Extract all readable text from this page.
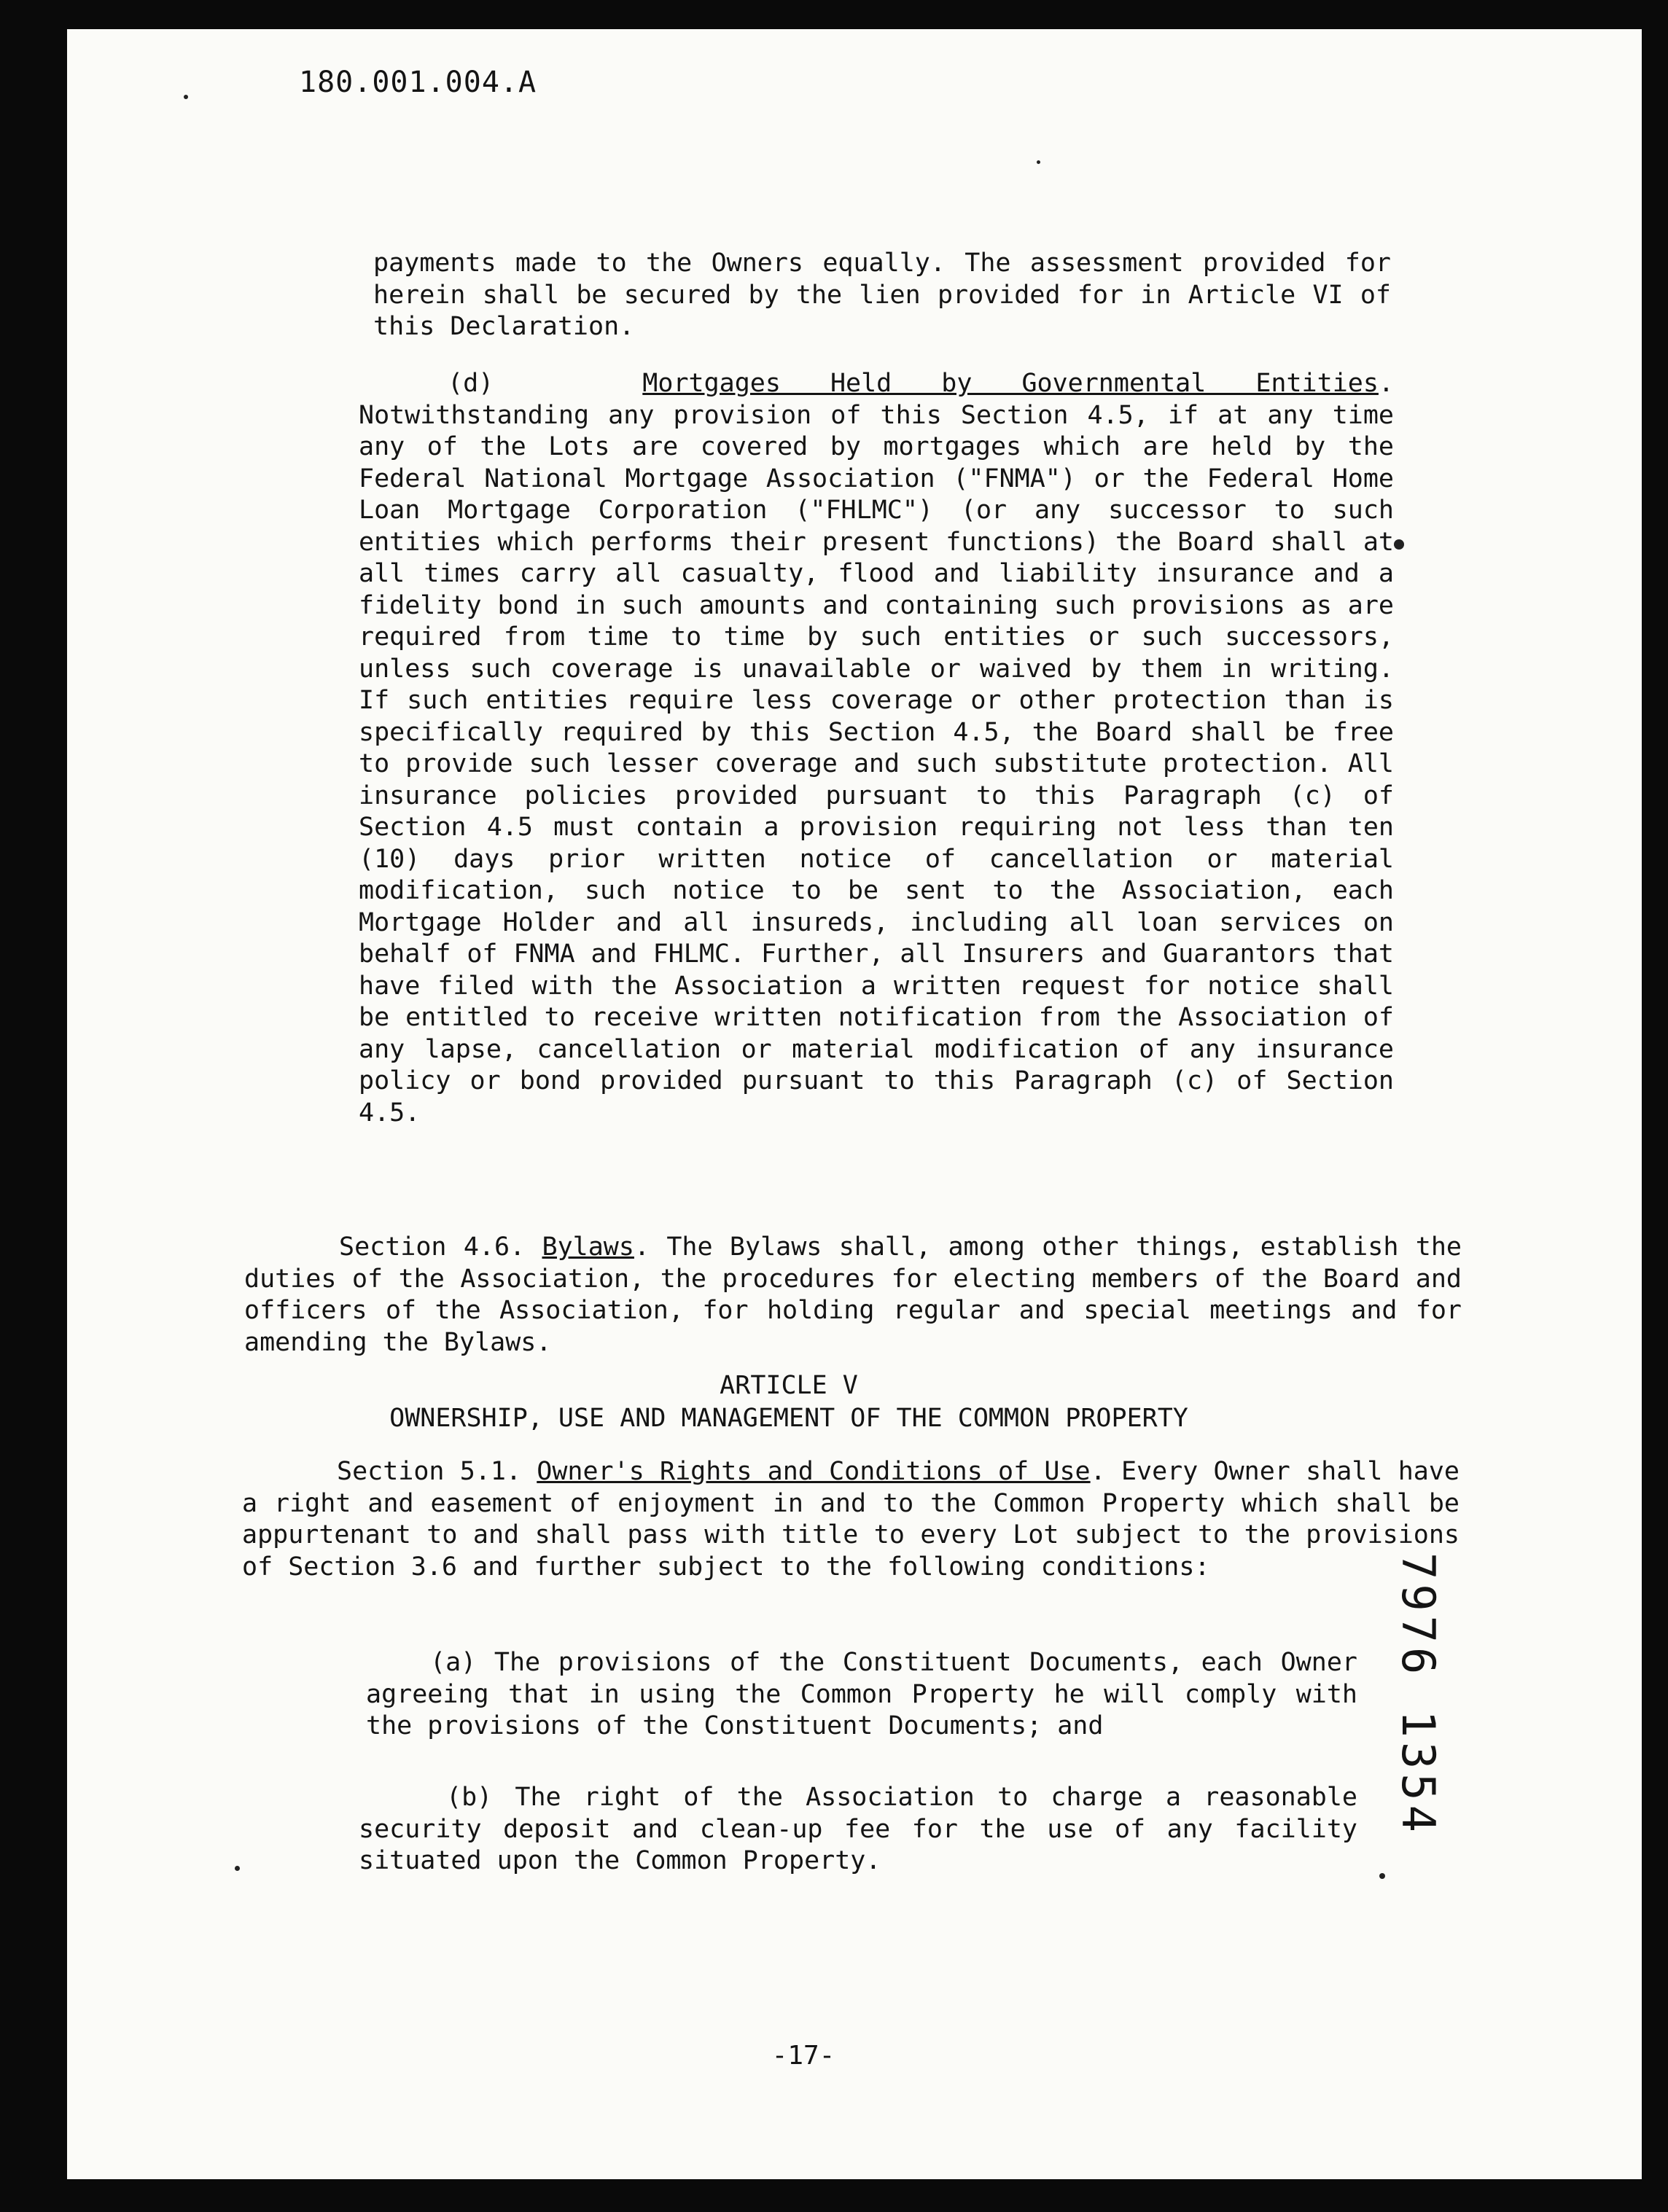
180.001.004.A

payments made to the Owners equally. The assessment provided for herein shall be secured by the lien provided for in Article VI of this Declaration.

(d)	Mortgages Held by Governmental Entities. Notwithstanding any provision of this Section 4.5, if at any time any of the Lots are covered by mortgages which are held by the Federal National Mortgage Association ("FNMA") or the Federal Home Loan Mortgage Corporation ("FHLMC") (or any successor to such entities which performs their present functions) the Board shall at all times carry all casualty, flood and liability insurance and a fidelity bond in such amounts and containing such provisions as are required from time to time by such entities or such successors, unless such coverage is unavailable or waived by them in writing. If such entities require less coverage or other protection than is specifically required by this Section 4.5, the Board shall be free to provide such lesser coverage and such substitute protection. All insurance policies provided pursuant to this Paragraph (c) of Section 4.5 must contain a provision requiring not less than ten (10) days prior written notice of cancellation or material modification, such notice to be sent to the Association, each Mortgage Holder and all insureds, including all loan services on behalf of FNMA and FHLMC. Further, all Insurers and Guarantors that have filed with the Association a written request for notice shall be entitled to receive written notification from the Association of any lapse, cancellation or material modification of any insurance policy or bond provided pursuant to this Paragraph (c) of Section 4.5.

Section 4.6. Bylaws. The Bylaws shall, among other things, establish the duties of the Association, the procedures for electing members of the Board and officers of the Association, for holding regular and special meetings and for amending the Bylaws.

ARTICLE V
OWNERSHIP, USE AND MANAGEMENT OF THE COMMON PROPERTY

Section 5.1. Owner's Rights and Conditions of Use. Every Owner shall have a right and easement of enjoyment in and to the Common Property which shall be appurtenant to and shall pass with title to every Lot subject to the provisions of Section 3.6 and further subject to the following conditions:

(a) The provisions of the Constituent Documents, each Owner agreeing that in using the Common Property he will comply with the provisions of the Constituent Documents; and

(b) The right of the Association to charge a reasonable security deposit and clean-up fee for the use of any facility situated upon the Common Property.

7976 1354
-17-
